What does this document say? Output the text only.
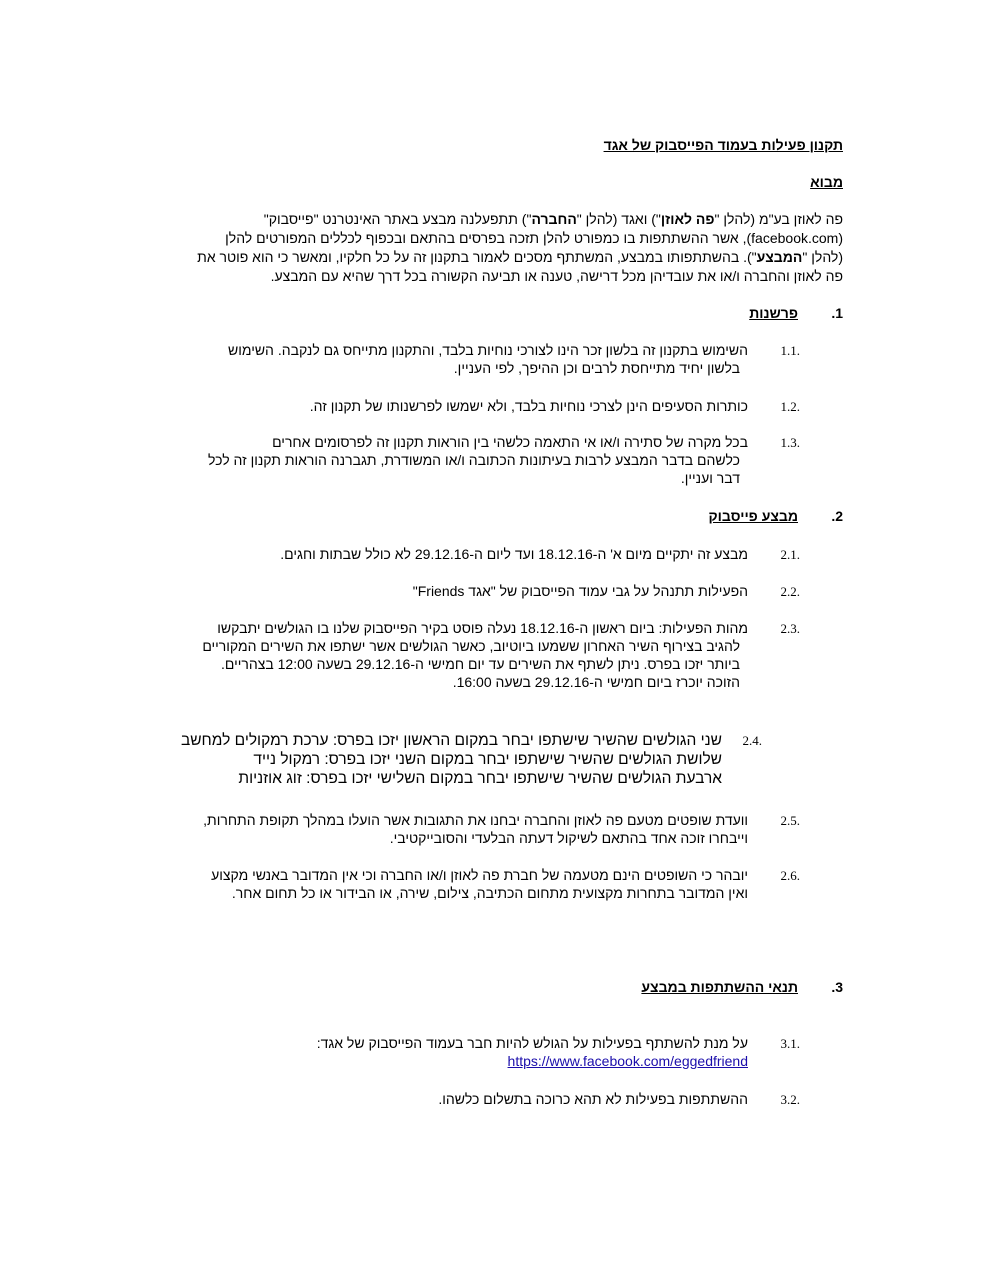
תקנון פעילות בעמוד הפייסבוק של אגד
מבוא
פה לאוזן בע"מ (להלן "פה לאוזן") ואגד (להלן "החברה") תתפעלנה מבצע באתר האינטרנט "פייסבוק"
(facebook.com), אשר ההשתתפות בו כמפורט להלן תזכה בפרסים בהתאם ובכפוף לכללים המפורטים להלן
(להלן "המבצע"). בהשתתפותו במבצע, המשתתף מסכים לאמור בתקנון זה על כל חלקיו, ומאשר כי הוא פוטר את
פה לאוזן והחברה ו/או את עובדיהן מכל דרישה, טענה או תביעה הקשורה בכל דרך שהיא עם המבצע.
1.
פרשנות
1.1.
השימוש בתקנון זה בלשון זכר הינו לצורכי נוחיות בלבד, והתקנון מתייחס גם לנקבה. השימוש
בלשון יחיד מתייחסת לרבים וכן ההיפך, לפי העניין.
1.2.
כותרות הסעיפים הינן לצרכי נוחיות בלבד, ולא ישמשו לפרשנותו של תקנון זה.
1.3.
בכל מקרה של סתירה ו/או אי התאמה כלשהי בין הוראות תקנון זה לפרסומים אחרים
כלשהם בדבר המבצע לרבות בעיתונות הכתובה ו/או המשודרת, תגברנה הוראות תקנון זה לכל
דבר ועניין.
2.
מבצע פייסבוק
2.1.
מבצע זה יתקיים מיום א' ה-18.12.16 ועד ליום ה-29.12.16 לא כולל שבתות וחגים.
2.2.
הפעילות תתנהל על גבי עמוד הפייסבוק של "אגד Friends"
2.3.
מהות הפעילות: ביום ראשון ה-18.12.16 נעלה פוסט בקיר הפייסבוק שלנו בו הגולשים יתבקשו
להגיב בצירוף השיר האחרון ששמעו ביוטיוב, כאשר הגולשים אשר ישתפו את השירים המקוריים
ביותר יזכו בפרס. ניתן לשתף את השירים עד יום חמישי ה-29.12.16 בשעה 12:00 בצהריים.
הזוכה יוכרז ביום חמישי ה-29.12.16 בשעה 16:00.
2.4.
שני הגולשים שהשיר שישתפו יבחר במקום הראשון יזכו בפרס: ערכת רמקולים למחשב
שלושת הגולשים שהשיר שישתפו יבחר במקום השני יזכו בפרס: רמקול נייד
ארבעת הגולשים שהשיר שישתפו יבחר במקום השלישי יזכו בפרס: זוג אוזניות
2.5.
וועדת שופטים מטעם פה לאוזן והחברה יבחנו את התגובות אשר הועלו במהלך תקופת התחרות,
וייבחרו זוכה אחד בהתאם לשיקול דעתה הבלעדי והסובייקטיבי.
2.6.
יובהר כי השופטים הינם מטעמה של חברת פה לאוזן ו/או החברה וכי אין המדובר באנשי מקצוע
ואין המדובר בתחרות מקצועית מתחום הכתיבה, צילום, שירה, או הבידור או כל תחום אחר.
3.
תנאי ההשתתפות במבצע
3.1.
על מנת להשתתף בפעילות על הגולש להיות חבר בעמוד הפייסבוק של אגד:
https://www.facebook.com/eggedfriend
3.2.
ההשתתפות בפעילות לא תהא כרוכה בתשלום כלשהו.
